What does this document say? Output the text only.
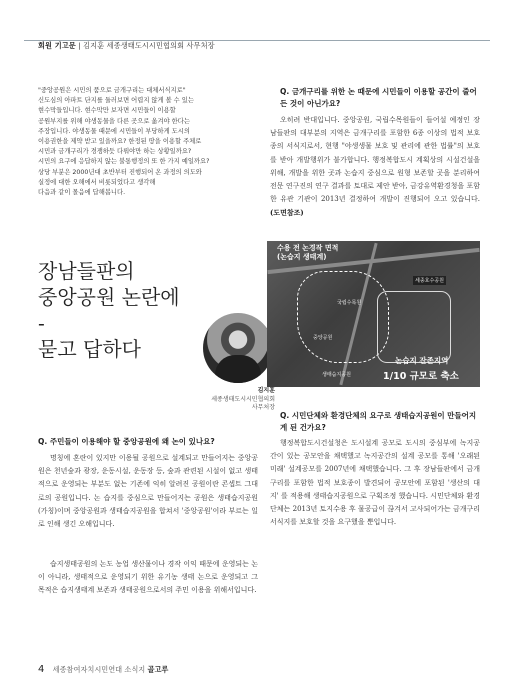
회원 기고문 | 김지훈 세종생태도시시민협의회 사무처장
"중앙공원은 시민의 품으로 금개구리는 대체서식지로"
신도심의 아파트 단지를 둘러보면 어렵지 않게 볼 수 있는
현수막들입니다. 현수막만 보자면 시민들이 이용할
공원부지를 위해 야생동물을 다른 곳으로 옮겨야 한다는
주장입니다. 야생동물 때문에 시민들이 부당하게 도시의
이용권한을 제약 받고 있을까요? 한정된 땅을 이용할 주체로
시민과 금개구리가 경쟁하듯 다뤄야만 하는 상황일까요?
시민의 요구에 응답하지 않는 불통행정의 또 한 가지 예일까요?
상당 부분은 2000년대 초반부터 진행되어 온 과정의 의도와
실정에 대한 오해에서 비롯되었다고 생각해
다음과 같이 몰음에 답해봅니다.
장남들판의
중앙공원 논란에
-
묻고 답하다
김지훈
세종생태도시시민협의회
사무처장
Q. 주민들이 이용해야 할 중앙공원에 왜 논이 있나요?
명칭에 혼란이 있지만 이용될 공원으로 설계되고 만들어지는 중앙공원은 천년숲과 광장, 운동시설, 운동장 등, 숲과 관련된 시설이 없고 생태적으로 운영되는 부분도 없는 기존에 익히 알려진 공원이란 콘셉트 그대로의 공원입니다. 논 습지를 중심으로 만들어지는 공원은 생태습지공원(가칭)이며 중앙공원과 생태습지공원을 합쳐서 '중앙공원'이라 부르는 일로 인해 생긴 오해입니다.
습지생태공원의 논도 농업 생산물이나 경작 이익 때문에 운영되는 논이 아니라, 생태적으로 운영되기 위한 유기농 생태 논으로 운영되고 그 목적은 습지생태계 보존과 생태공원으로서의 주민 이용을 위해서입니다.
Q. 금개구리를 위한 논 때문에 시민들이 이용할 공간이 줄어든 것이 아닌가요?
오히려 반대입니다. 중앙공원, 국립수목원들이 들어설 예정인 장남들판의 대부분의 지역은 금개구리를 포함한 6종 이상의 법적 보호종의 서식지로서, 현행 "야생생물 보호 및 관리에 관한 법률"의 보호를 받아 개발행위가 불가합니다. 행정복합도시 계획상의 시설건설을 위해, 개발을 위한 곳과 논습지 중심으로 원형 보존할 곳을 분리하여 전문 연구진의 연구 결과를 토대로 제안 받아, 금강유역환경청을 포함한 유관 기관이 2013년 결정하여 개발이 진행되어 오고 있습니다. (도면참조)
수용 전 논경작 면적
(논습지 생태계)
세종호수공원
국립수목원
중앙공원
생태습지공원
논습지 잔존지역
1/10 규모로 축소
Q. 시민단체와 환경단체의 요구로 생태습지공원이 만들어지게 된 건가요?
행정복합도시건설청은 도시설계 공모로 도시의 중심부에 녹지공간이 있는 공모안을 채택했고 녹지공간의 설계 공모를 통해 '오래된 미래' 설계공모를 2007년에 채택했습니다. 그 후 장남들판에서 금개구리를 포함한 법적 보호종이 발견되어 공모안에 포함된 '생산의 대지' 를 적용해 생태습지공원으로 구획조정 했습니다. 시민단체와 환경단체는 2013년 토지수용 후 물공급이 끊겨서 고사되어가는 금개구리 서식지를 보호할 것을 요구했을 뿐입니다.
4 세종참여자치시민연대 소식지 골고루
